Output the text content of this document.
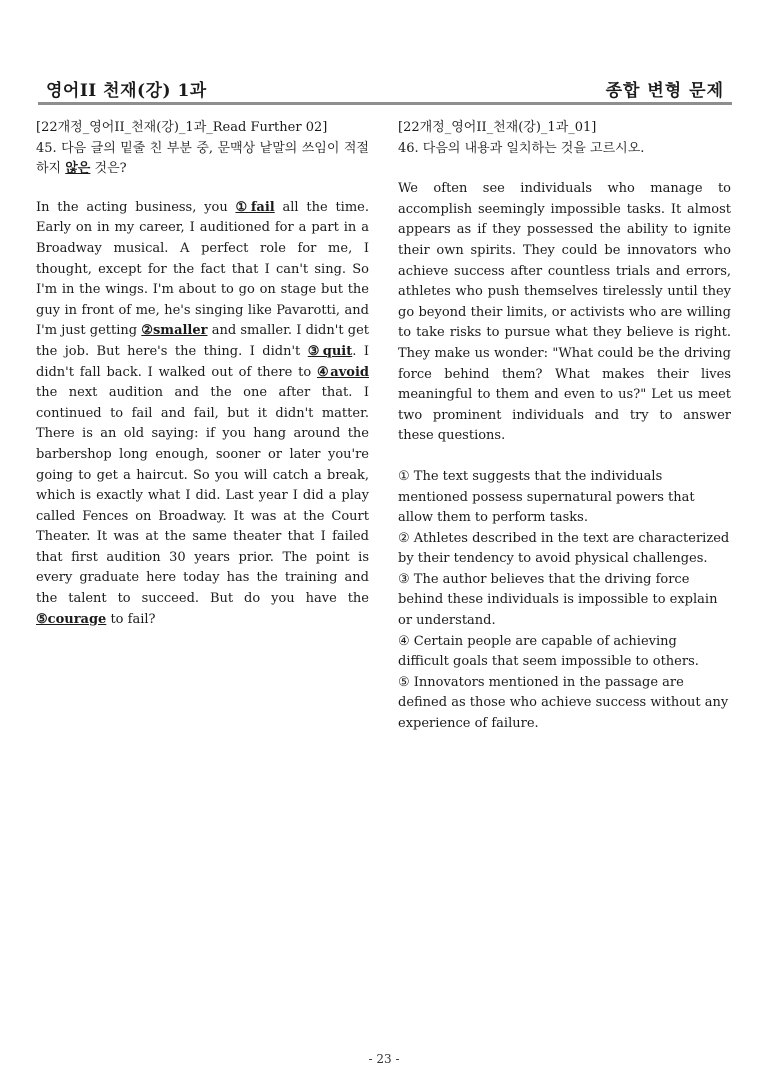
영어II 천재(강) 1과	종합 변형 문제

[22개정_영어II_천재(강)_1과_Read Further 02]

45. 다음 글의 밑줄 친 부분 중, 문맥상 낱말의 쓰임이 적절하지 않은 것은?

In the acting business, you ①fail all the time. Early on in my career, I auditioned for a part in a Broadway musical. A perfect role for me, I thought, except for the fact that I can't sing. So I'm in the wings. I'm about to go on stage but the guy in front of me, he's singing like Pavarotti, and I'm just getting ②smaller and smaller. I didn't get the job. But here's the thing. I didn't ③quit. I didn't fall back. I walked out of there to ④avoid the next audition and the one after that. I continued to fail and fail, but it didn't matter. There is an old saying: if you hang around the barbershop long enough, sooner or later you're going to get a haircut. So you will catch a break, which is exactly what I did. Last year I did a play called Fences on Broadway. It was at the Court Theater. It was at the same theater that I failed that first audition 30 years prior. The point is every graduate here today has the training and the talent to succeed. But do you have the ⑤courage to fail?

[22개정_영어II_천재(강)_1과_01]

46. 다음의 내용과 일치하는 것을 고르시오.

We often see individuals who manage to accomplish seemingly impossible tasks. It almost appears as if they possessed the ability to ignite their own spirits. They could be innovators who achieve success after countless trials and errors, athletes who push themselves tirelessly until they go beyond their limits, or activists who are willing to take risks to pursue what they believe is right. They make us wonder: "What could be the driving force behind them? What makes their lives meaningful to them and even to us?" Let us meet two prominent individuals and try to answer these questions.

① The text suggests that the individuals mentioned possess supernatural powers that allow them to perform tasks.

② Athletes described in the text are characterized by their tendency to avoid physical challenges.

③ The author believes that the driving force behind these individuals is impossible to explain or understand.

④ Certain people are capable of achieving difficult goals that seem impossible to others.

⑤ Innovators mentioned in the passage are defined as those who achieve success without any experience of failure.

- 23 -
